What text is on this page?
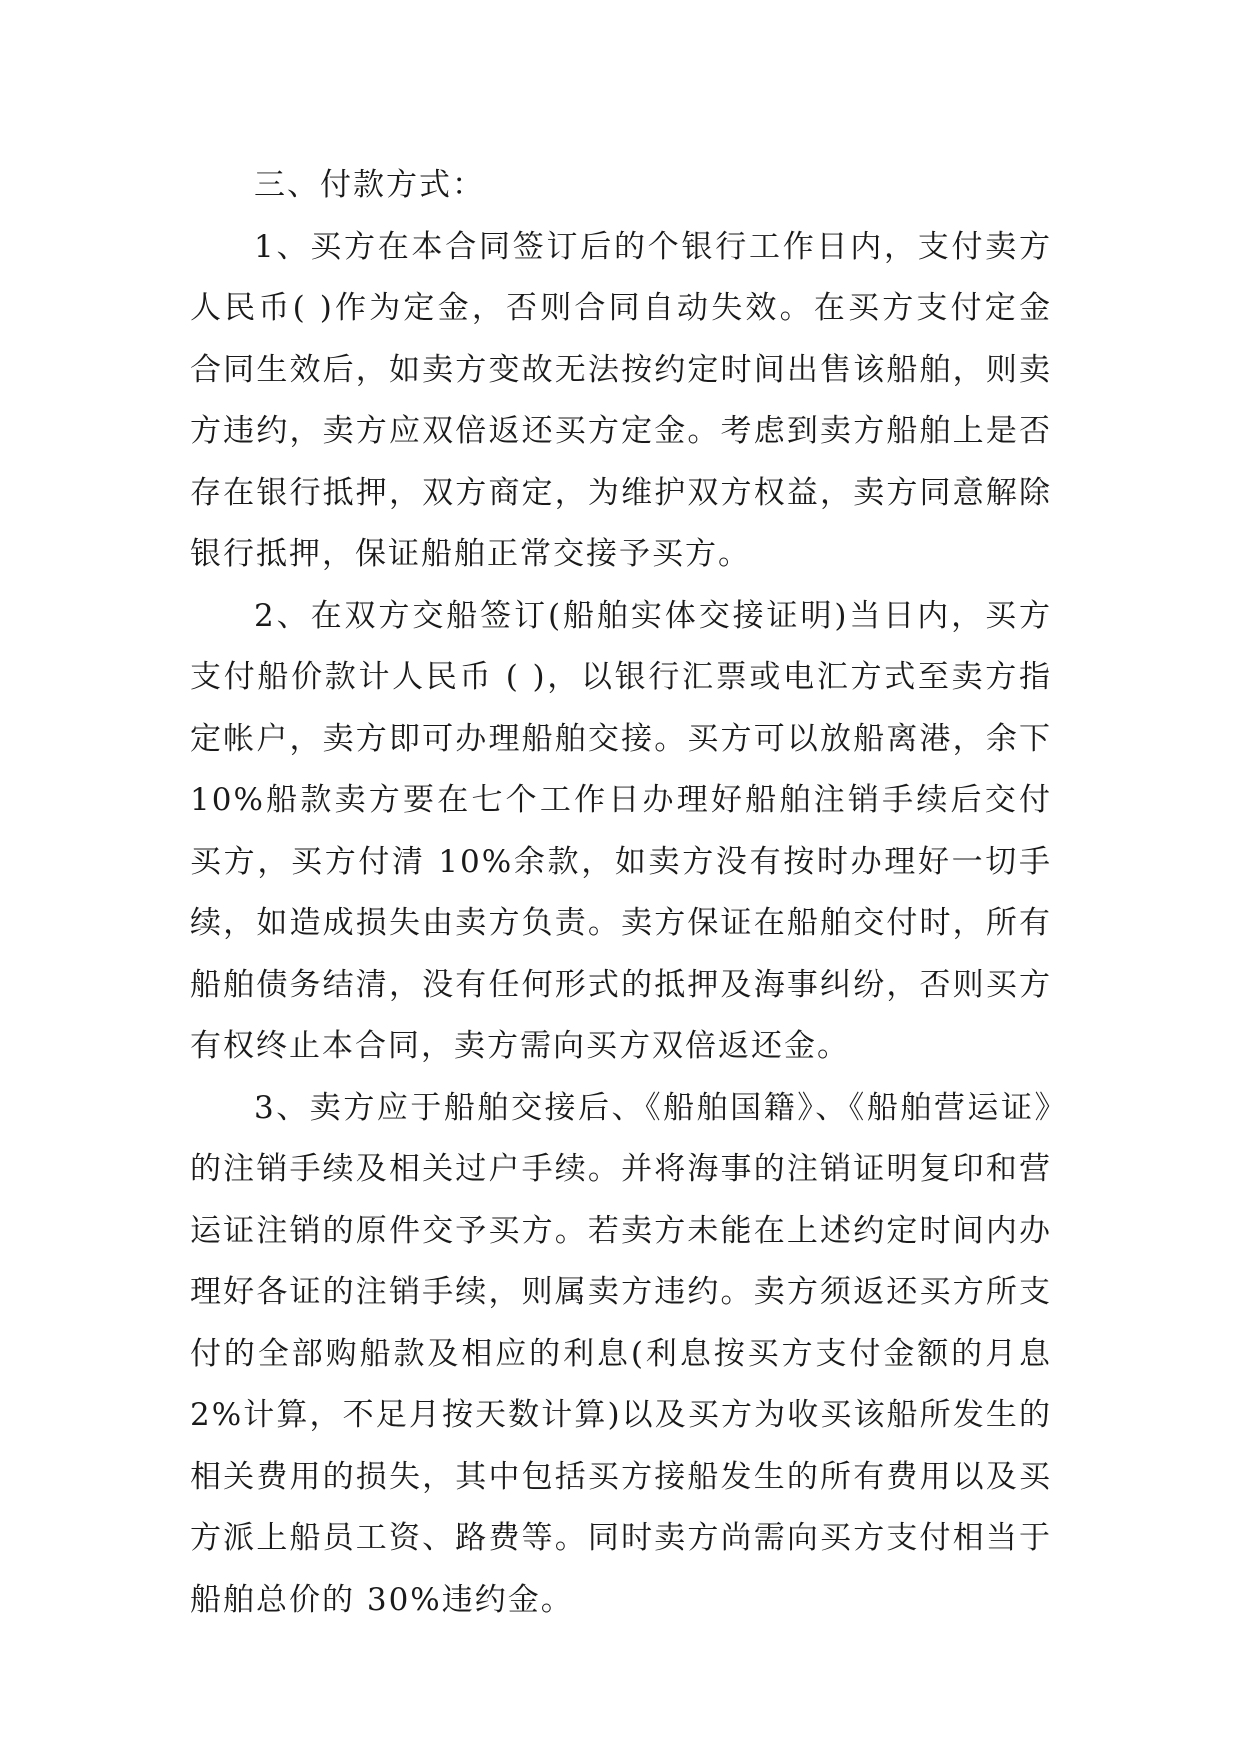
三、付款方式：

1、买方在本合同签订后的个银行工作日内，支付卖方人民币( )作为定金，否则合同自动失效。在买方支付定金合同生效后，如卖方变故无法按约定时间出售该船舶，则卖方违约，卖方应双倍返还买方定金。考虑到卖方船舶上是否存在银行抵押，双方商定，为维护双方权益，卖方同意解除银行抵押，保证船舶正常交接予买方。

2、在双方交船签订(船舶实体交接证明)当日内，买方支付船价款计人民币 ( )，以银行汇票或电汇方式至卖方指定帐户，卖方即可办理船舶交接。买方可以放船离港，余下10%船款卖方要在七个工作日办理好船舶注销手续后交付买方，买方付清 10%余款，如卖方没有按时办理好一切手续，如造成损失由卖方负责。卖方保证在船舶交付时，所有船舶债务结清，没有任何形式的抵押及海事纠纷，否则买方有权终止本合同，卖方需向买方双倍返还金。

3、卖方应于船舶交接后、《船舶国籍》、《船舶营运证》的注销手续及相关过户手续。并将海事的注销证明复印和营运证注销的原件交予买方。若卖方未能在上述约定时间内办理好各证的注销手续，则属卖方违约。卖方须返还买方所支付的全部购船款及相应的利息(利息按买方支付金额的月息2%计算，不足月按天数计算)以及买方为收买该船所发生的相关费用的损失，其中包括买方接船发生的所有费用以及买方派上船员工资、路费等。同时卖方尚需向买方支付相当于船舶总价的 30%违约金。
